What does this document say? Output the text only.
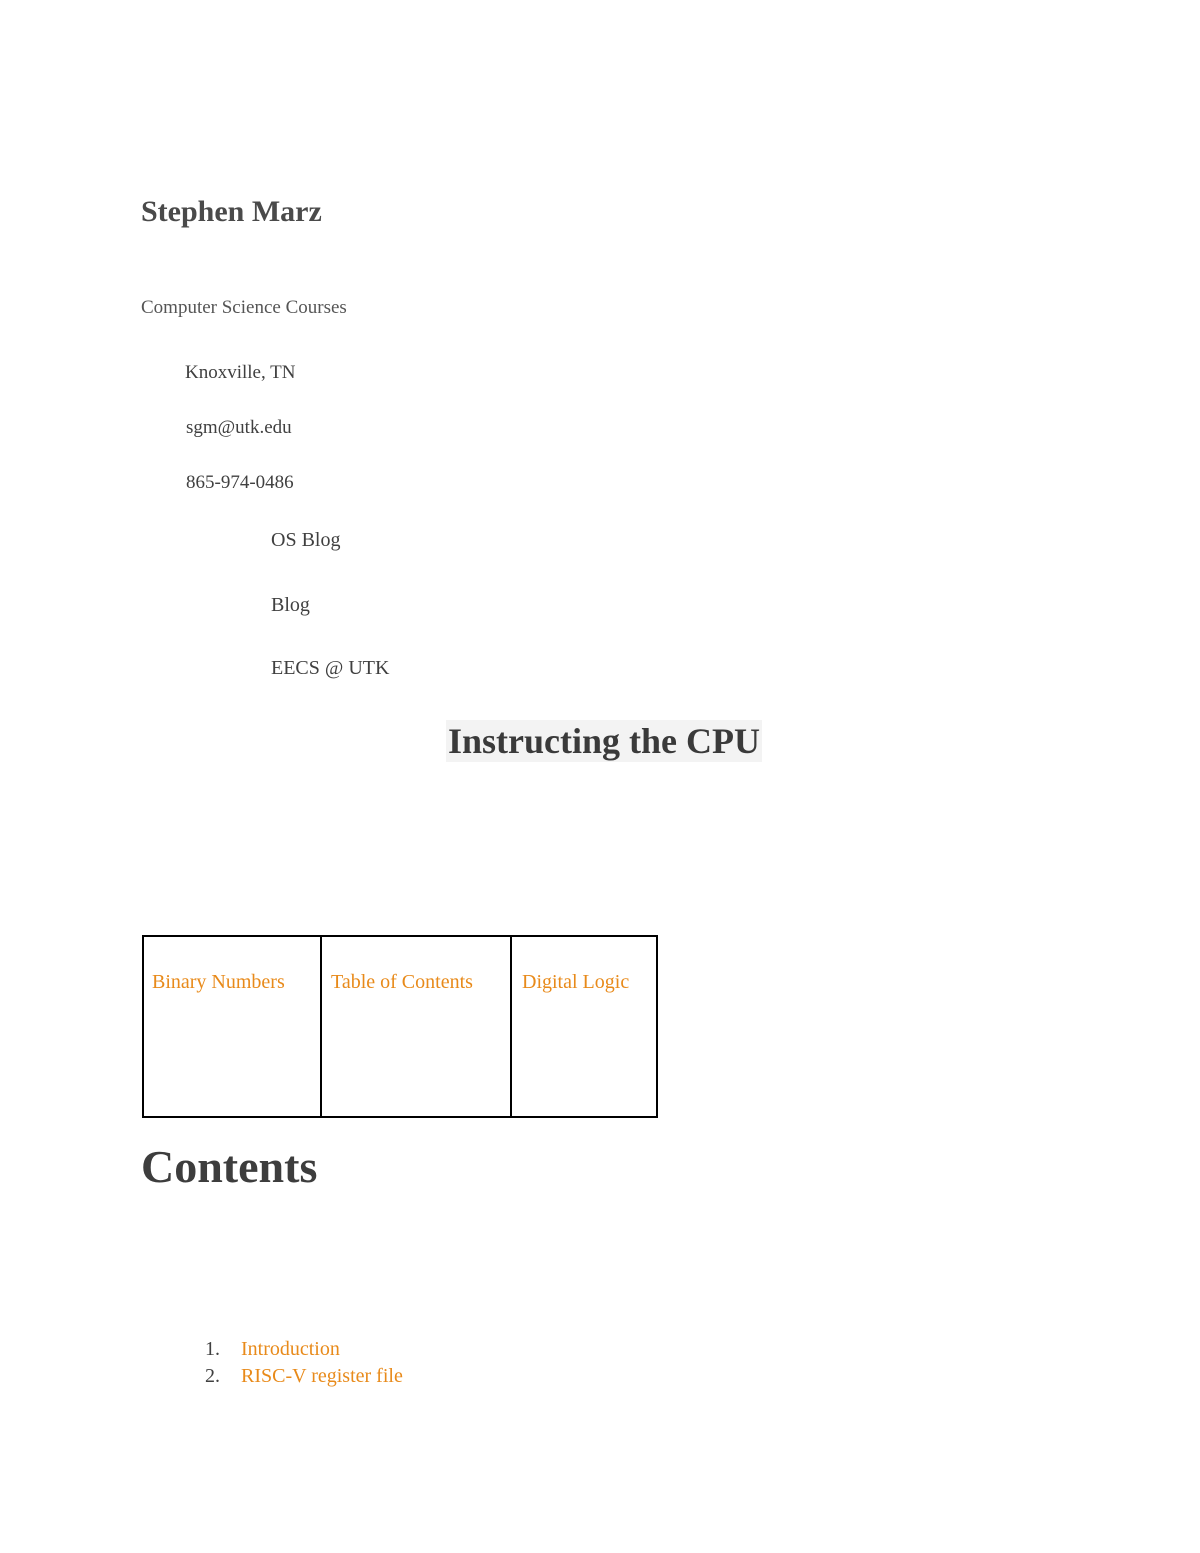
Stephen Marz
Computer Science Courses
Knoxville, TN
sgm@utk.edu
865-974-0486
OS Blog
Blog
EECS @ UTK
Instructing the CPU
Binary Numbers	Table of Contents	Digital Logic
Contents
1. Introduction
2. RISC-V register file
